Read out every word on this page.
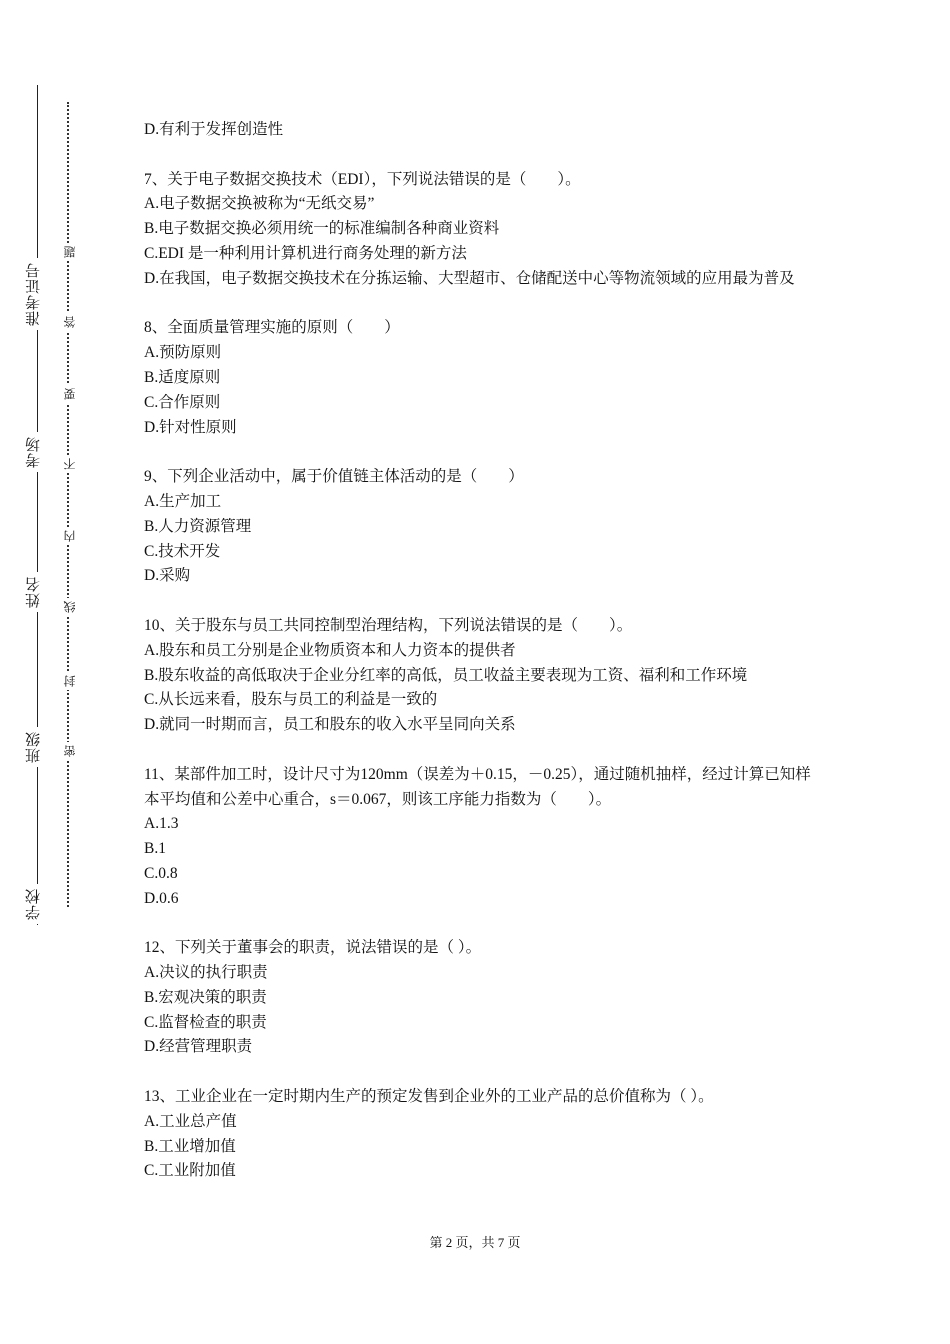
准考证号
考场
姓名
班级
学校
题
答
要
不
内
线
封
密
D.有利于发挥创造性
7、关于电子数据交换技术（EDI），下列说法错误的是（　　）。
A.电子数据交换被称为“无纸交易”
B.电子数据交换必须用统一的标准编制各种商业资料
C.EDI 是一种利用计算机进行商务处理的新方法
D.在我国，电子数据交换技术在分拣运输、大型超市、仓储配送中心等物流领域的应用最为普及
8、全面质量管理实施的原则（　　）
A.预防原则
B.适度原则
C.合作原则
D.针对性原则
9、下列企业活动中，属于价值链主体活动的是（　　）
A.生产加工
B.人力资源管理
C.技术开发
D.采购
10、关于股东与员工共同控制型治理结构，下列说法错误的是（　　）。
A.股东和员工分别是企业物质资本和人力资本的提供者
B.股东收益的高低取决于企业分红率的高低，员工收益主要表现为工资、福利和工作环境
C.从长远来看，股东与员工的利益是一致的
D.就同一时期而言，员工和股东的收入水平呈同向关系
11、某部件加工时，设计尺寸为120mm（误差为＋0.15，－0.25），通过随机抽样，经过计算已知样本平均值和公差中心重合，s＝0.067，则该工序能力指数为（　　）。
A.1.3
B.1
C.0.8
D.0.6
12、下列关于董事会的职责，说法错误的是（ ）。
A.决议的执行职责
B.宏观决策的职责
C.监督检查的职责
D.经营管理职责
13、工业企业在一定时期内生产的预定发售到企业外的工业产品的总价值称为（ ）。
A.工业总产值
B.工业增加值
C.工业附加值
第 2 页，共 7 页
